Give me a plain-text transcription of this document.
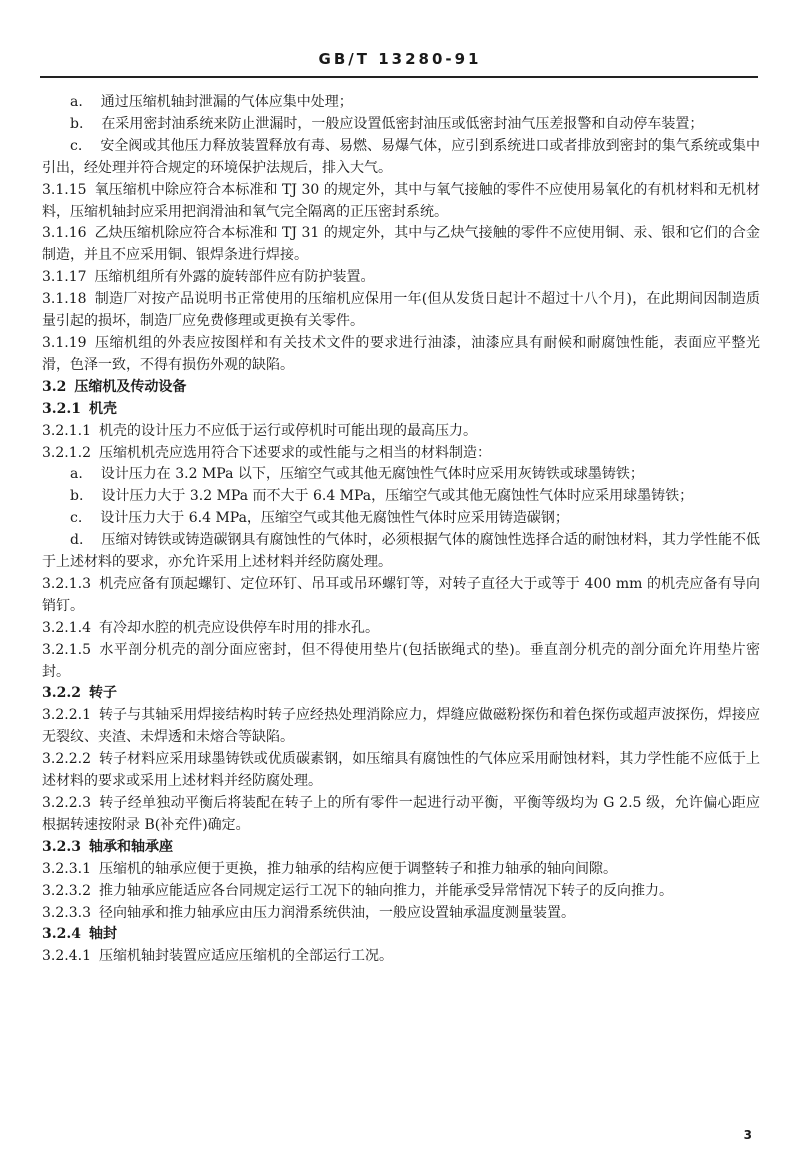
GB/T 13280-91

a. 通过压缩机轴封泄漏的气体应集中处理；

b. 在采用密封油系统来防止泄漏时，一般应设置低密封油压或低密封油气压差报警和自动停车装置；

c. 安全阀或其他压力释放装置释放有毒、易燃、易爆气体，应引到系统进口或者排放到密封的集气系统或集中引出，经处理并符合规定的环境保护法规后，排入大气。

3.1.15 氧压缩机中除应符合本标准和 TJ 30 的规定外，其中与氧气接触的零件不应使用易氧化的有机材料和无机材料，压缩机轴封应采用把润滑油和氧气完全隔离的正压密封系统。

3.1.16 乙炔压缩机除应符合本标准和 TJ 31 的规定外，其中与乙炔气接触的零件不应使用铜、汞、银和它们的合金制造，并且不应采用铜、银焊条进行焊接。

3.1.17 压缩机组所有外露的旋转部件应有防护装置。

3.1.18 制造厂对按产品说明书正常使用的压缩机应保用一年(但从发货日起计不超过十八个月)，在此期间因制造质量引起的损坏，制造厂应免费修理或更换有关零件。

3.1.19 压缩机组的外表应按图样和有关技术文件的要求进行油漆，油漆应具有耐候和耐腐蚀性能，表面应平整光滑，色泽一致，不得有损伤外观的缺陷。

3.2 压缩机及传动设备

3.2.1 机壳

3.2.1.1 机壳的设计压力不应低于运行或停机时可能出现的最高压力。

3.2.1.2 压缩机机壳应选用符合下述要求的或性能与之相当的材料制造：

a. 设计压力在 3.2 MPa 以下，压缩空气或其他无腐蚀性气体时应采用灰铸铁或球墨铸铁；

b. 设计压力大于 3.2 MPa 而不大于 6.4 MPa，压缩空气或其他无腐蚀性气体时应采用球墨铸铁；

c. 设计压力大于 6.4 MPa，压缩空气或其他无腐蚀性气体时应采用铸造碳钢；

d. 压缩对铸铁或铸造碳钢具有腐蚀性的气体时，必须根据气体的腐蚀性选择合适的耐蚀材料，其力学性能不低于上述材料的要求，亦允许采用上述材料并经防腐处理。

3.2.1.3 机壳应备有顶起螺钉、定位环钉、吊耳或吊环螺钉等，对转子直径大于或等于 400 mm 的机壳应备有导向销钉。

3.2.1.4 有冷却水腔的机壳应设供停车时用的排水孔。

3.2.1.5 水平剖分机壳的剖分面应密封，但不得使用垫片(包括嵌绳式的垫)。垂直剖分机壳的剖分面允许用垫片密封。

3.2.2 转子

3.2.2.1 转子与其轴采用焊接结构时转子应经热处理消除应力，焊缝应做磁粉探伤和着色探伤或超声波探伤，焊接应无裂纹、夹渣、未焊透和未熔合等缺陷。

3.2.2.2 转子材料应采用球墨铸铁或优质碳素钢，如压缩具有腐蚀性的气体应采用耐蚀材料，其力学性能不应低于上述材料的要求或采用上述材料并经防腐处理。

3.2.2.3 转子经单独动平衡后将装配在转子上的所有零件一起进行动平衡，平衡等级均为 G 2.5 级，允许偏心距应根据转速按附录 B(补充件)确定。

3.2.3 轴承和轴承座

3.2.3.1 压缩机的轴承应便于更换，推力轴承的结构应便于调整转子和推力轴承的轴向间隙。

3.2.3.2 推力轴承应能适应各台同规定运行工况下的轴向推力，并能承受异常情况下转子的反向推力。

3.2.3.3 径向轴承和推力轴承应由压力润滑系统供油，一般应设置轴承温度测量装置。

3.2.4 轴封

3.2.4.1 压缩机轴封装置应适应压缩机的全部运行工况。

3
